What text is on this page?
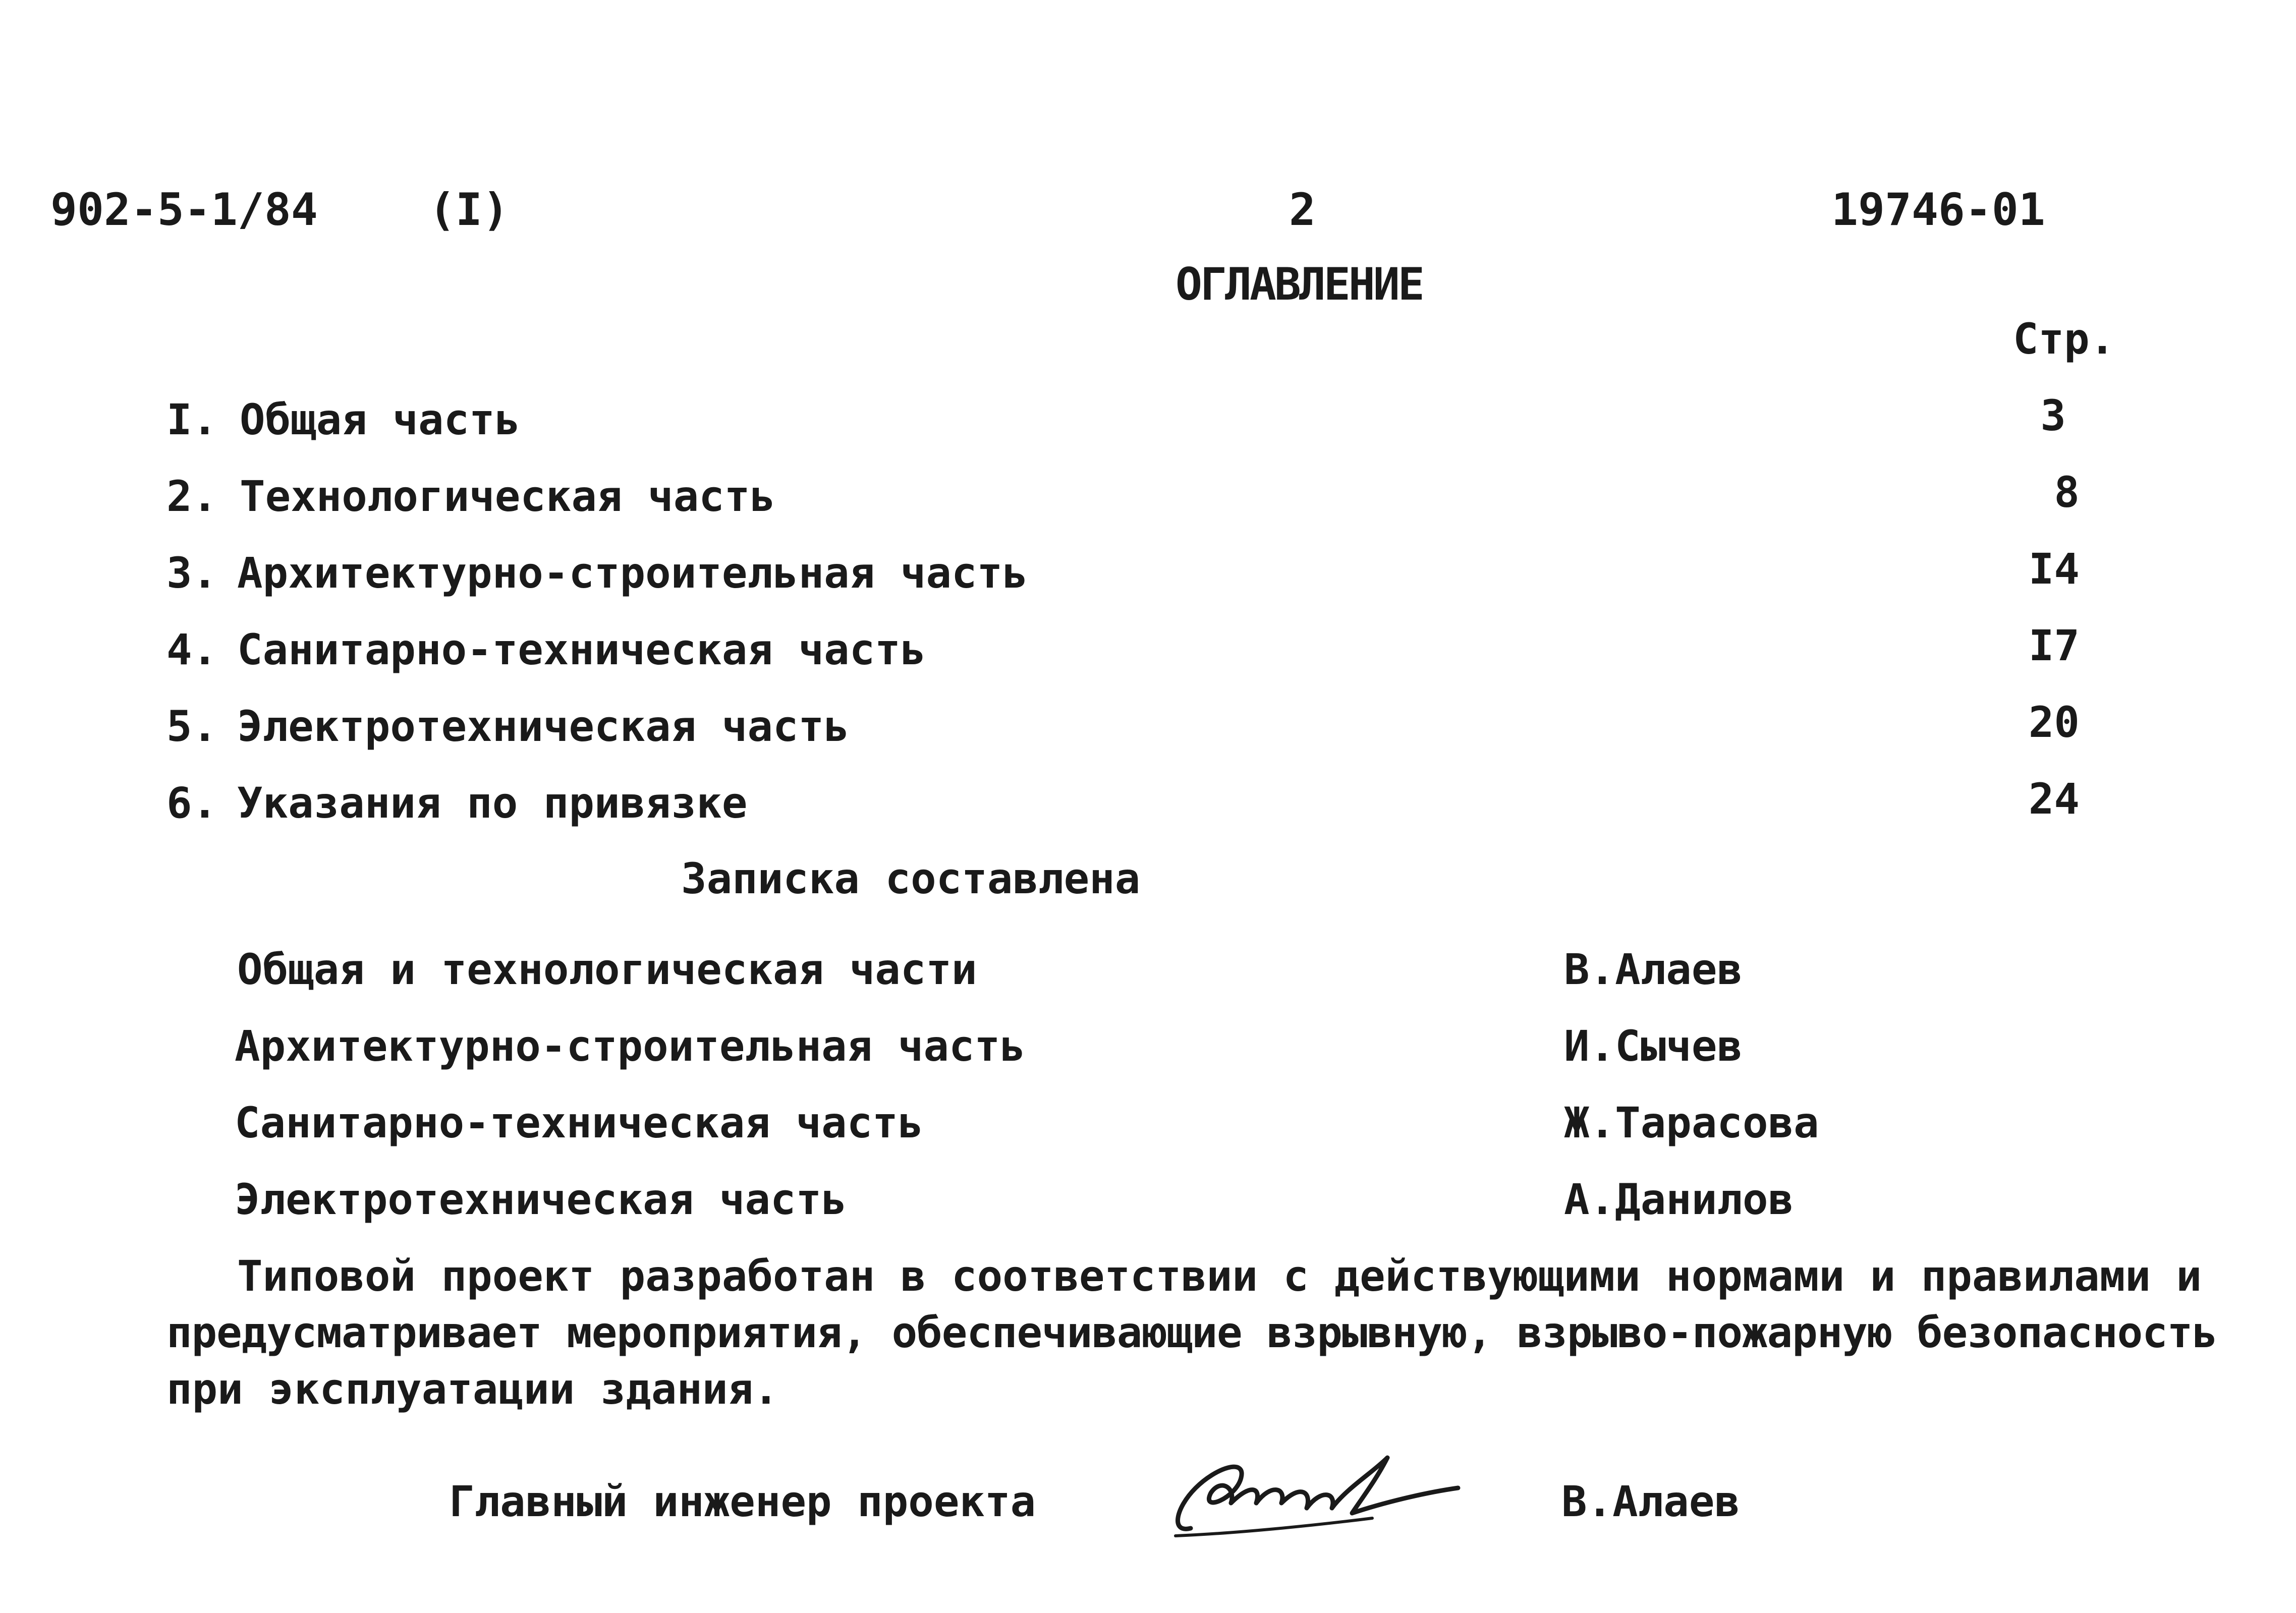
902-5-1/84	(I)	2	19746-01
ОГЛАВЛЕНИЕ
Стр.
I. Общая часть	3
2. Технологическая часть	8
3. Архитектурно-строительная часть	I4
4. Санитарно-техническая часть	I7
5. Электротехническая часть	20
6. Указания по привязке	24
Записка составлена
Общая и технологическая части	В.Алаев
Архитектурно-строительная часть	И.Сычев
Санитарно-техническая часть	Ж.Тарасова
Электротехническая часть	А.Данилов
Типовой проект разработан в соответствии с действующими нормами и правилами и
предусматривает мероприятия, обеспечивающие взрывную, взрыво-пожарную безопасность
при эксплуатации здания.
Главный инженер проекта	В.Алаев
